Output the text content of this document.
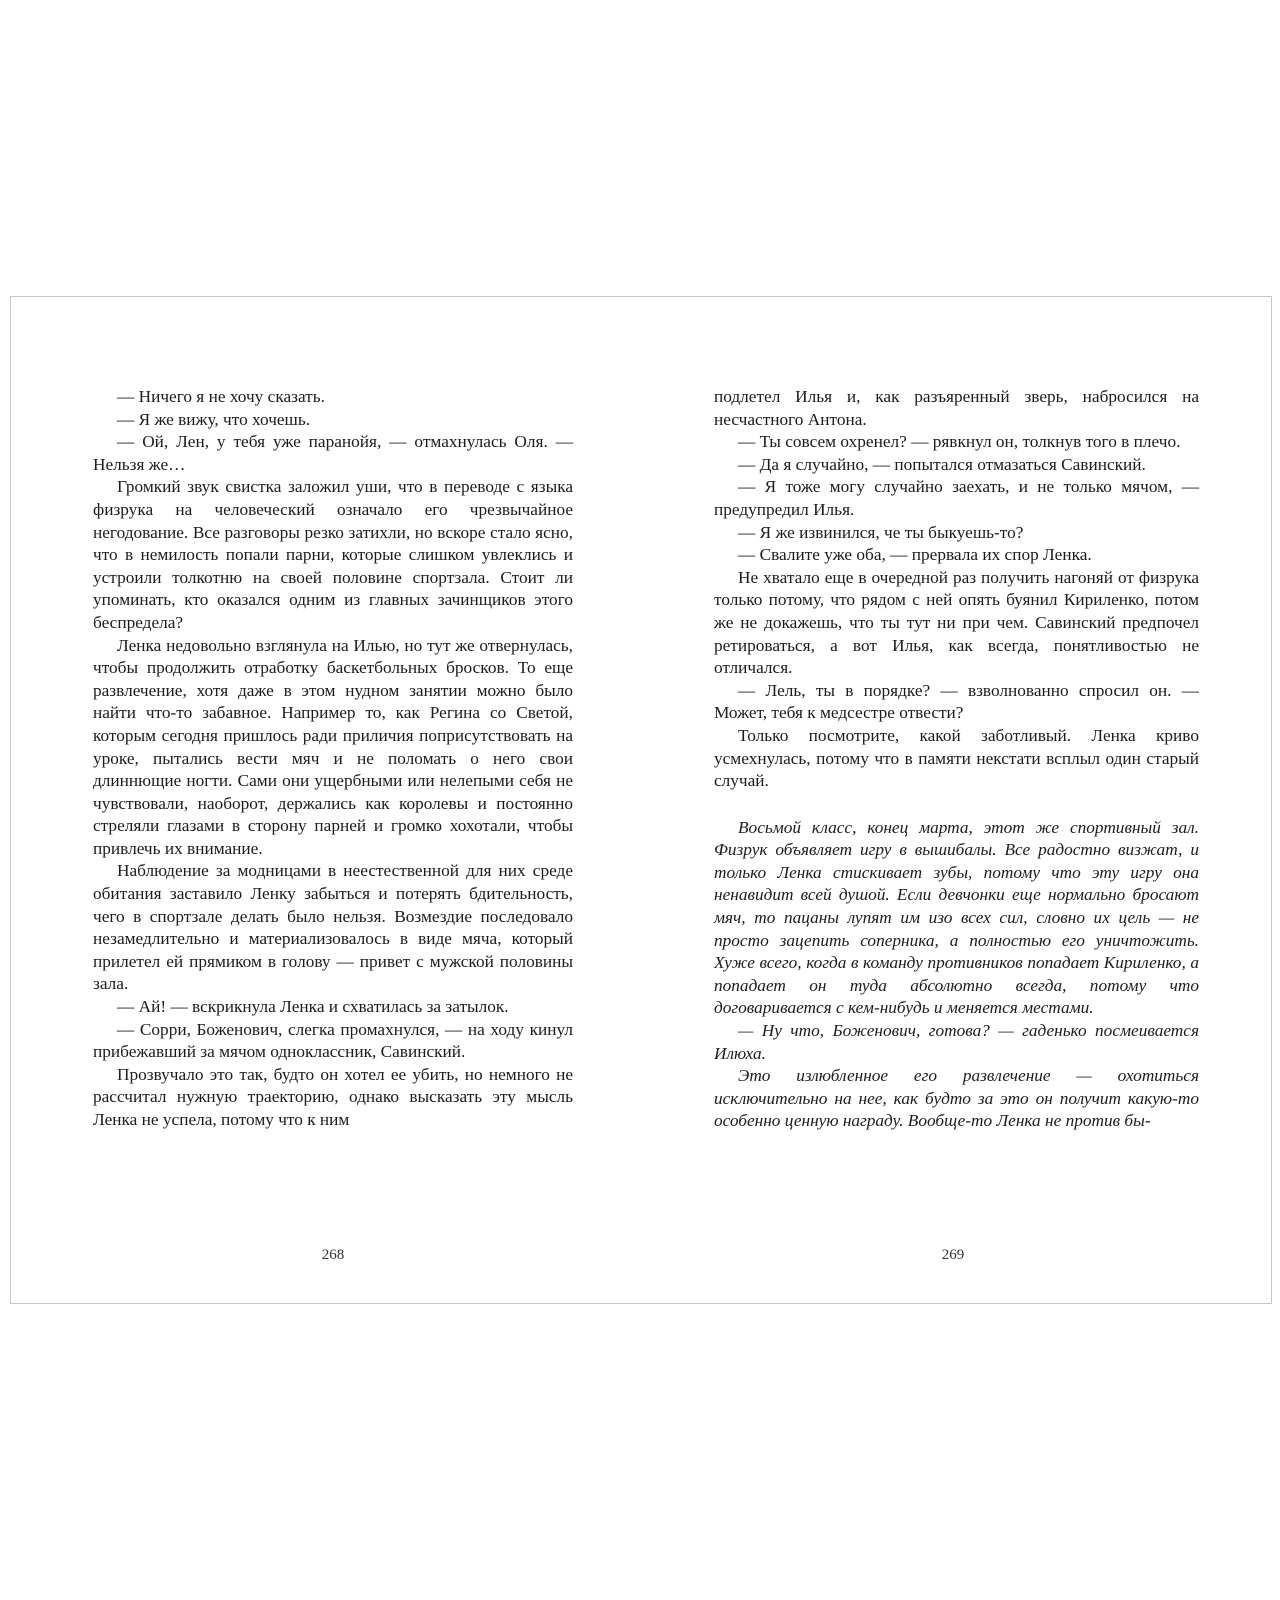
— Ничего я не хочу сказать.

— Я же вижу, что хочешь.

— Ой, Лен, у тебя уже паранойя, — отмахнулась Оля. — Нельзя же…

Громкий звук свистка заложил уши, что в переводе с языка физрука на человеческий означало его чрезвычайное негодование. Все разговоры резко затихли, но вскоре стало ясно, что в немилость попали парни, которые слишком увлеклись и устроили толкотню на своей половине спортзала. Стоит ли упоминать, кто оказался одним из главных зачинщиков этого беспредела?

Ленка недовольно взглянула на Илью, но тут же отвернулась, чтобы продолжить отработку баскетбольных бросков. То еще развлечение, хотя даже в этом нудном занятии можно было найти что-то забавное. Например то, как Регина со Светой, которым сегодня пришлось ради приличия поприсутствовать на уроке, пытались вести мяч и не поломать о него свои длиннющие ногти. Сами они ущербными или нелепыми себя не чувствовали, наоборот, держались как королевы и постоянно стреляли глазами в сторону парней и громко хохотали, чтобы привлечь их внимание.

Наблюдение за модницами в неестественной для них среде обитания заставило Ленку забыться и потерять бдительность, чего в спортзале делать было нельзя. Возмездие последовало незамедлительно и материализовалось в виде мяча, который прилетел ей прямиком в голову — привет с мужской половины зала.

— Ай! — вскрикнула Ленка и схватилась за затылок.

— Сорри, Боженович, слегка промахнулся, — на ходу кинул прибежавший за мячом одноклассник, Савинский.

Прозвучало это так, будто он хотел ее убить, но немного не рассчитал нужную траекторию, однако высказать эту мысль Ленка не успела, потому что к ним

подлетел Илья и, как разъяренный зверь, набросился на несчастного Антона.

— Ты совсем охренел? — рявкнул он, толкнув того в плечо.

— Да я случайно, — попытался отмазаться Савинский.

— Я тоже могу случайно заехать, и не только мячом, — предупредил Илья.

— Я же извинился, че ты быкуешь-то?

— Свалите уже оба, — прервала их спор Ленка.

Не хватало еще в очередной раз получить нагоняй от физрука только потому, что рядом с ней опять буянил Кириленко, потом же не докажешь, что ты тут ни при чем. Савинский предпочел ретироваться, а вот Илья, как всегда, понятливостью не отличался.

— Лель, ты в порядке? — взволнованно спросил он. — Может, тебя к медсестре отвести?

Только посмотрите, какой заботливый. Ленка криво усмехнулась, потому что в памяти некстати всплыл один старый случай.

Восьмой класс, конец марта, этот же спортивный зал. Физрук объявляет игру в вышибалы. Все радостно визжат, и только Ленка стискивает зубы, потому что эту игру она ненавидит всей душой. Если девчонки еще нормально бросают мяч, то пацаны лупят им изо всех сил, словно их цель — не просто зацепить соперника, а полностью его уничтожить. Хуже всего, когда в команду противников попадает Кириленко, а попадает он туда абсолютно всегда, потому что договаривается с кем-нибудь и меняется местами.

— Ну что, Боженович, готова? — гаденько посмеивается Илюха.

Это излюбленное его развлечение — охотиться исключительно на нее, как будто за это он получит какую-то особенно ценную награду. Вообще-то Ленка не против бы-

268	269
